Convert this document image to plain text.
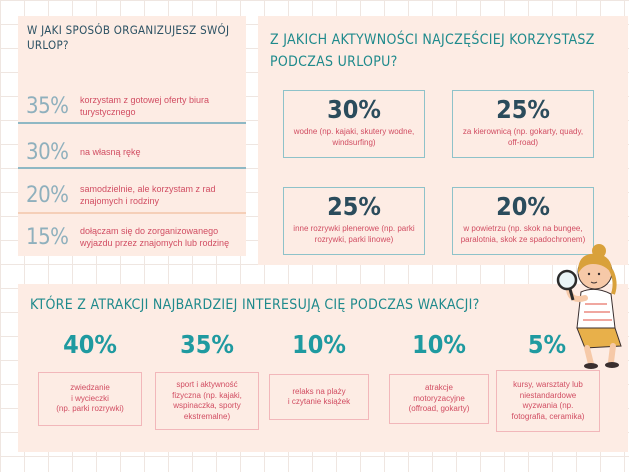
W JAKI SPOSÓB ORGANIZUJESZ SWÓJ URLOP?
35% korzystam z gotowej oferty biura
turystycznego
30% na własną rękę
20% samodzielnie, ale korzystam z rad
znajomych i rodziny
15% dołączam się do zorganizowanego
wyjazdu przez znajomych lub rodzinę
Z JAKICH AKTYWNOŚCI NAJCZĘŚCIEJ KORZYSTASZ PODCZAS URLOPU?
30%
wodne (np. kajaki, skutery wodne,
windsurfing)
25%
za kierownicą (np. gokarty, quady,
off-road)
25%
inne rozrywki plenerowe (np. parki
rozrywki, parki linowe)
20%
w powietrzu (np. skok na bungee,
paralotnia, skok ze spadochronem)
KTÓRE Z ATRAKCJI NAJBARDZIEJ INTERESUJĄ CIĘ PODCZAS WAKACJI?
40%
zwiedzanie
i wycieczki
(np. parki rozrywki)
35%
sport i aktywność
fizyczna (np. kajaki,
wspinaczka, sporty
ekstremalne)
10%
relaks na plaży
i czytanie książek
10%
atrakcje
motoryzacyjne
(offroad, gokarty)
5%
kursy, warsztaty lub
niestandardowe
wyzwania (np.
fotografia, ceramika)
